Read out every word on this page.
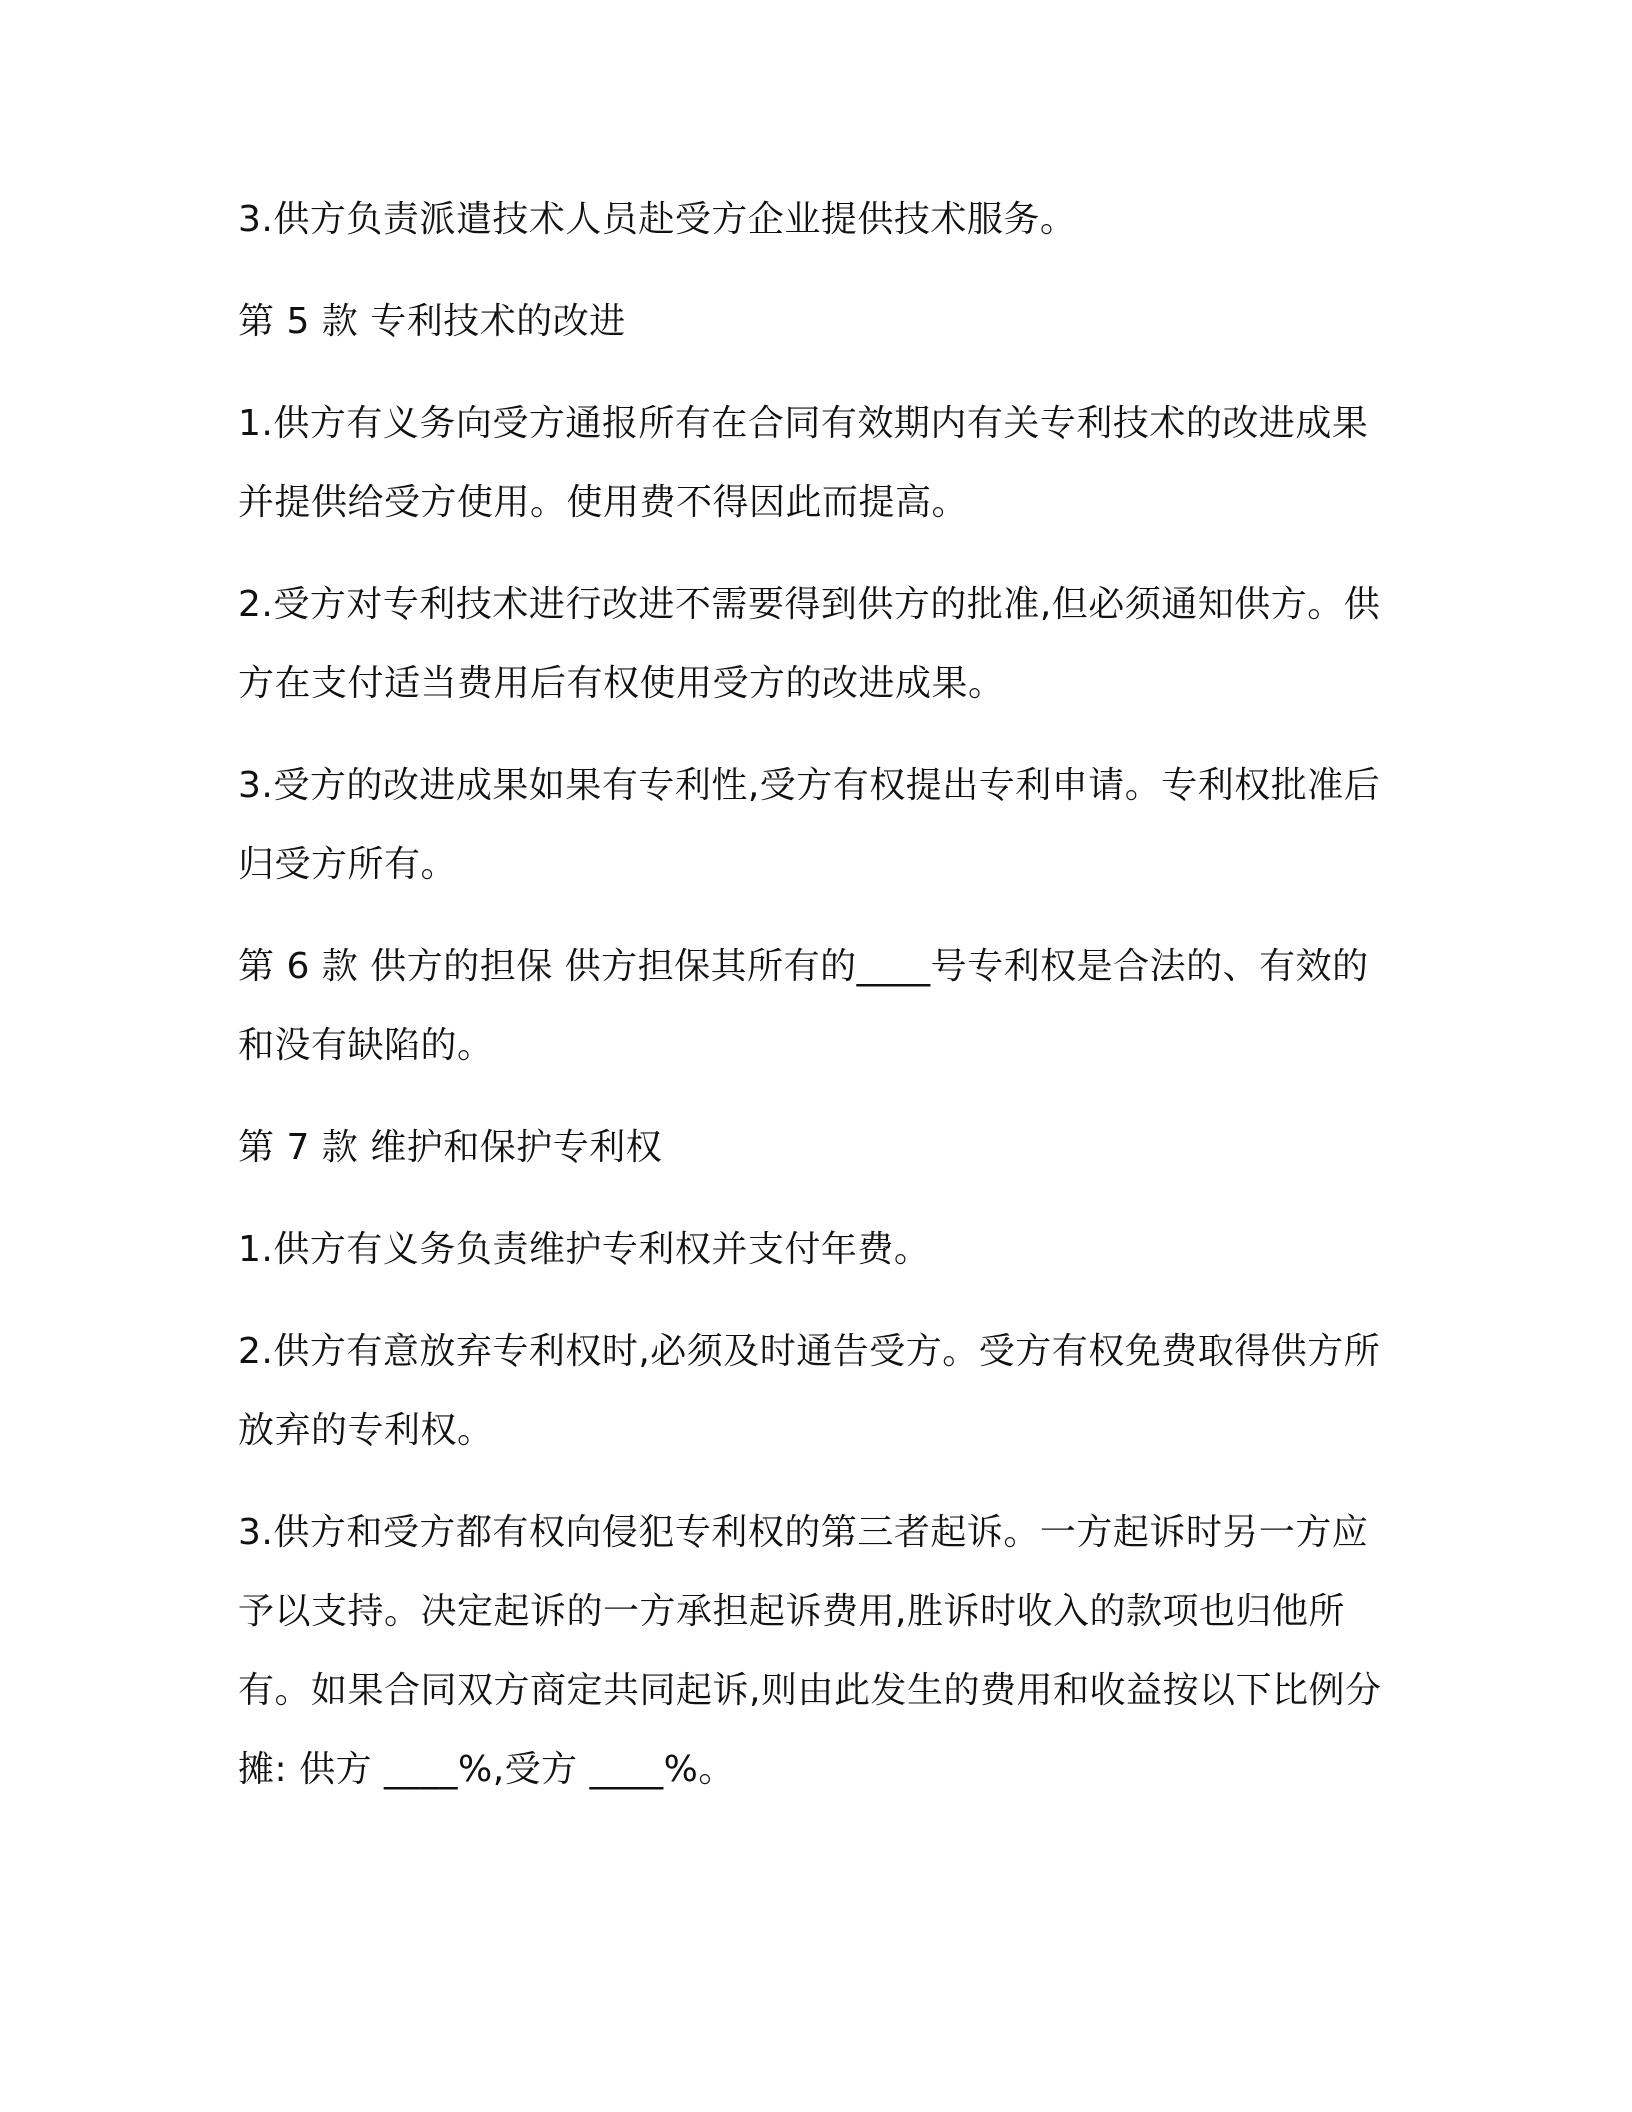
3.供方负责派遣技术人员赴受方企业提供技术服务。

第 5 款 专利技术的改进

1.供方有义务向受方通报所有在合同有效期内有关专利技术的改进成果并提供给受方使用。使用费不得因此而提高。

2.受方对专利技术进行改进不需要得到供方的批准,但必须通知供方。供方在支付适当费用后有权使用受方的改进成果。

3.受方的改进成果如果有专利性,受方有权提出专利申请。专利权批准后归受方所有。

第 6 款 供方的担保 供方担保其所有的____号专利权是合法的、有效的和没有缺陷的。

第 7 款 维护和保护专利权

1.供方有义务负责维护专利权并支付年费。

2.供方有意放弃专利权时,必须及时通告受方。受方有权免费取得供方所放弃的专利权。

3.供方和受方都有权向侵犯专利权的第三者起诉。一方起诉时另一方应予以支持。决定起诉的一方承担起诉费用,胜诉时收入的款项也归他所有。如果合同双方商定共同起诉,则由此发生的费用和收益按以下比例分摊: 供方 ____%,受方 ____%。
